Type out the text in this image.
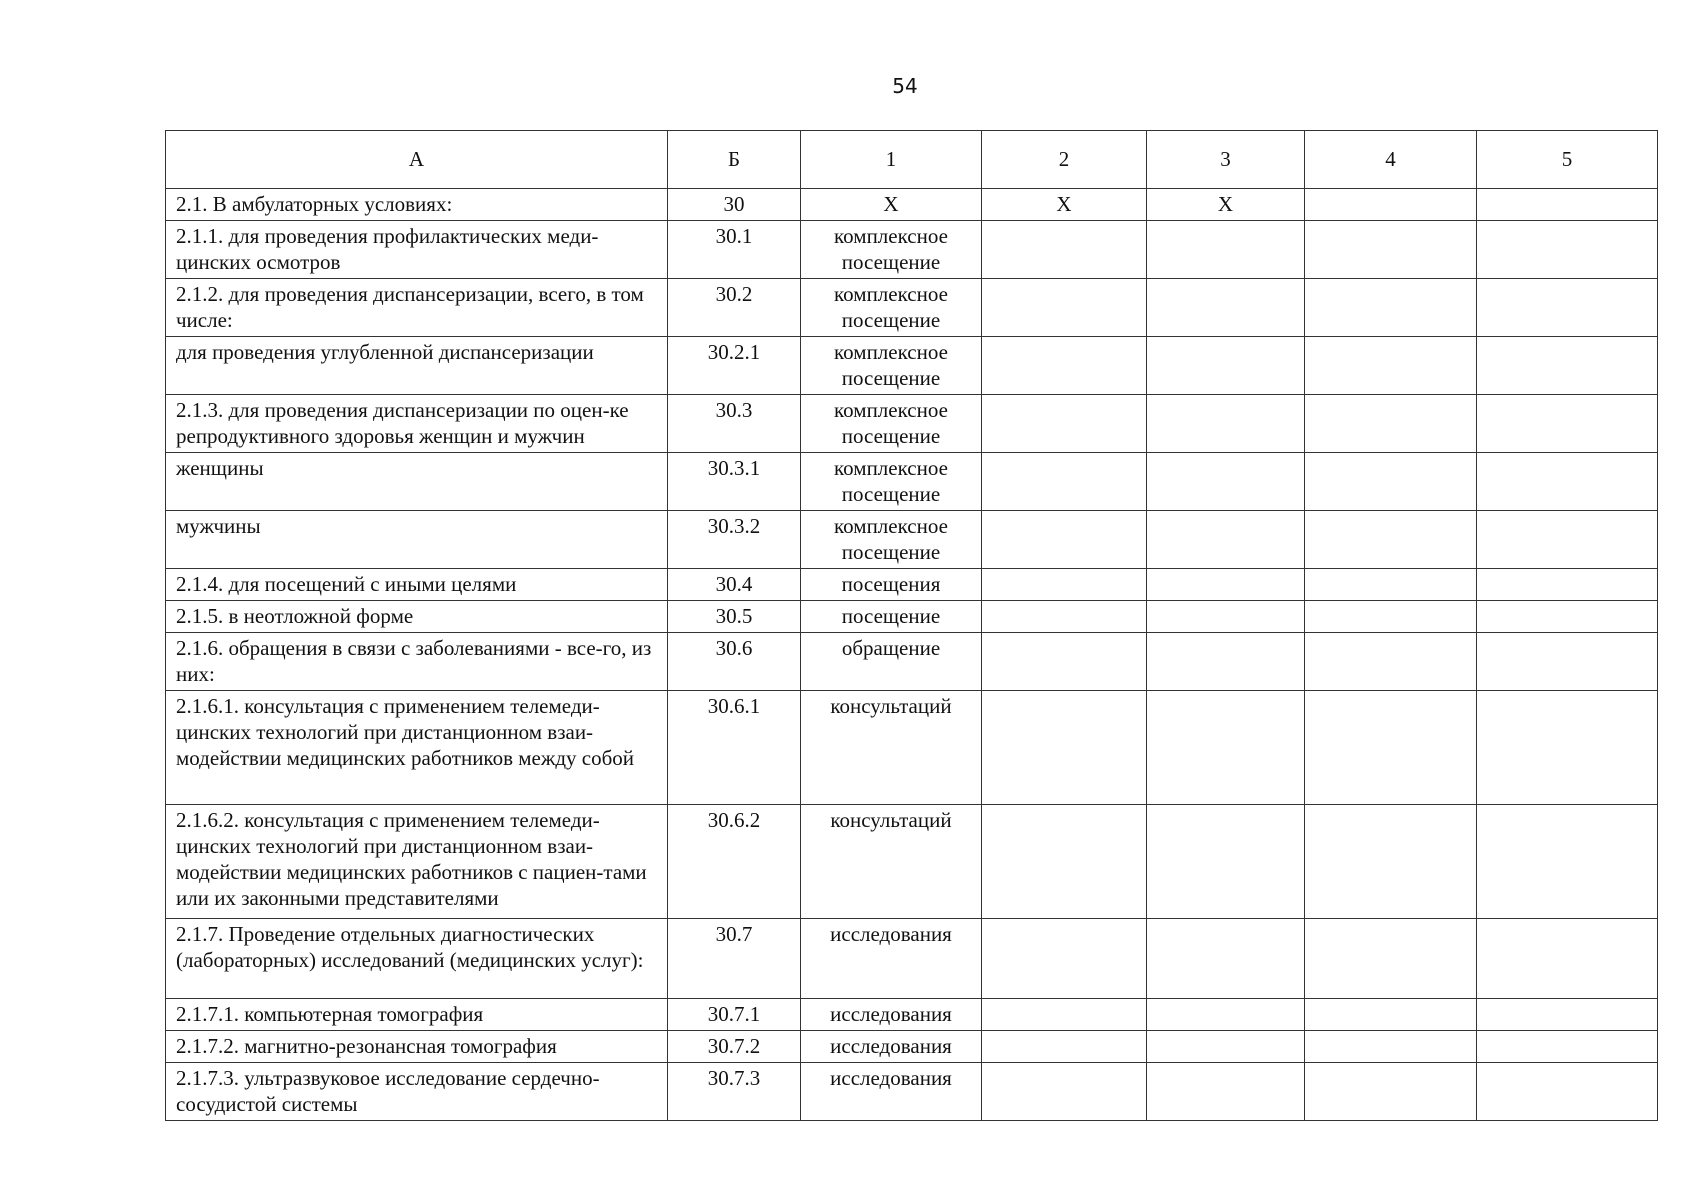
54
А	Б	1	2	3	4	5
2.1. В амбулаторных условиях:	30	Х	Х	Х		
2.1.1. для проведения профилактических меди-цинских осмотров	30.1	комплексное посещение				
2.1.2. для проведения диспансеризации, всего, в том числе:	30.2	комплексное посещение				
для проведения углубленной диспансеризации	30.2.1	комплексное посещение				
2.1.3. для проведения диспансеризации по оцен-ке репродуктивного здоровья женщин и мужчин	30.3	комплексное посещение				
женщины	30.3.1	комплексное посещение				
мужчины	30.3.2	комплексное посещение				
2.1.4. для посещений с иными целями	30.4	посещения				
2.1.5. в неотложной форме	30.5	посещение				
2.1.6. обращения в связи с заболеваниями - все-го, из них:	30.6	обращение				
2.1.6.1. консультация с применением телемеди-цинских технологий при дистанционном взаи-модействии медицинских работников между собой	30.6.1	консультаций				
2.1.6.2. консультация с применением телемеди-цинских технологий при дистанционном взаи-модействии медицинских работников с пациен-тами или их законными представителями	30.6.2	консультаций				
2.1.7. Проведение отдельных диагностических (лабораторных) исследований (медицинских услуг):	30.7	исследования				
2.1.7.1. компьютерная томография	30.7.1	исследования				
2.1.7.2. магнитно-резонансная томография	30.7.2	исследования				
2.1.7.3. ультразвуковое исследование сердечно-сосудистой системы	30.7.3	исследования				
